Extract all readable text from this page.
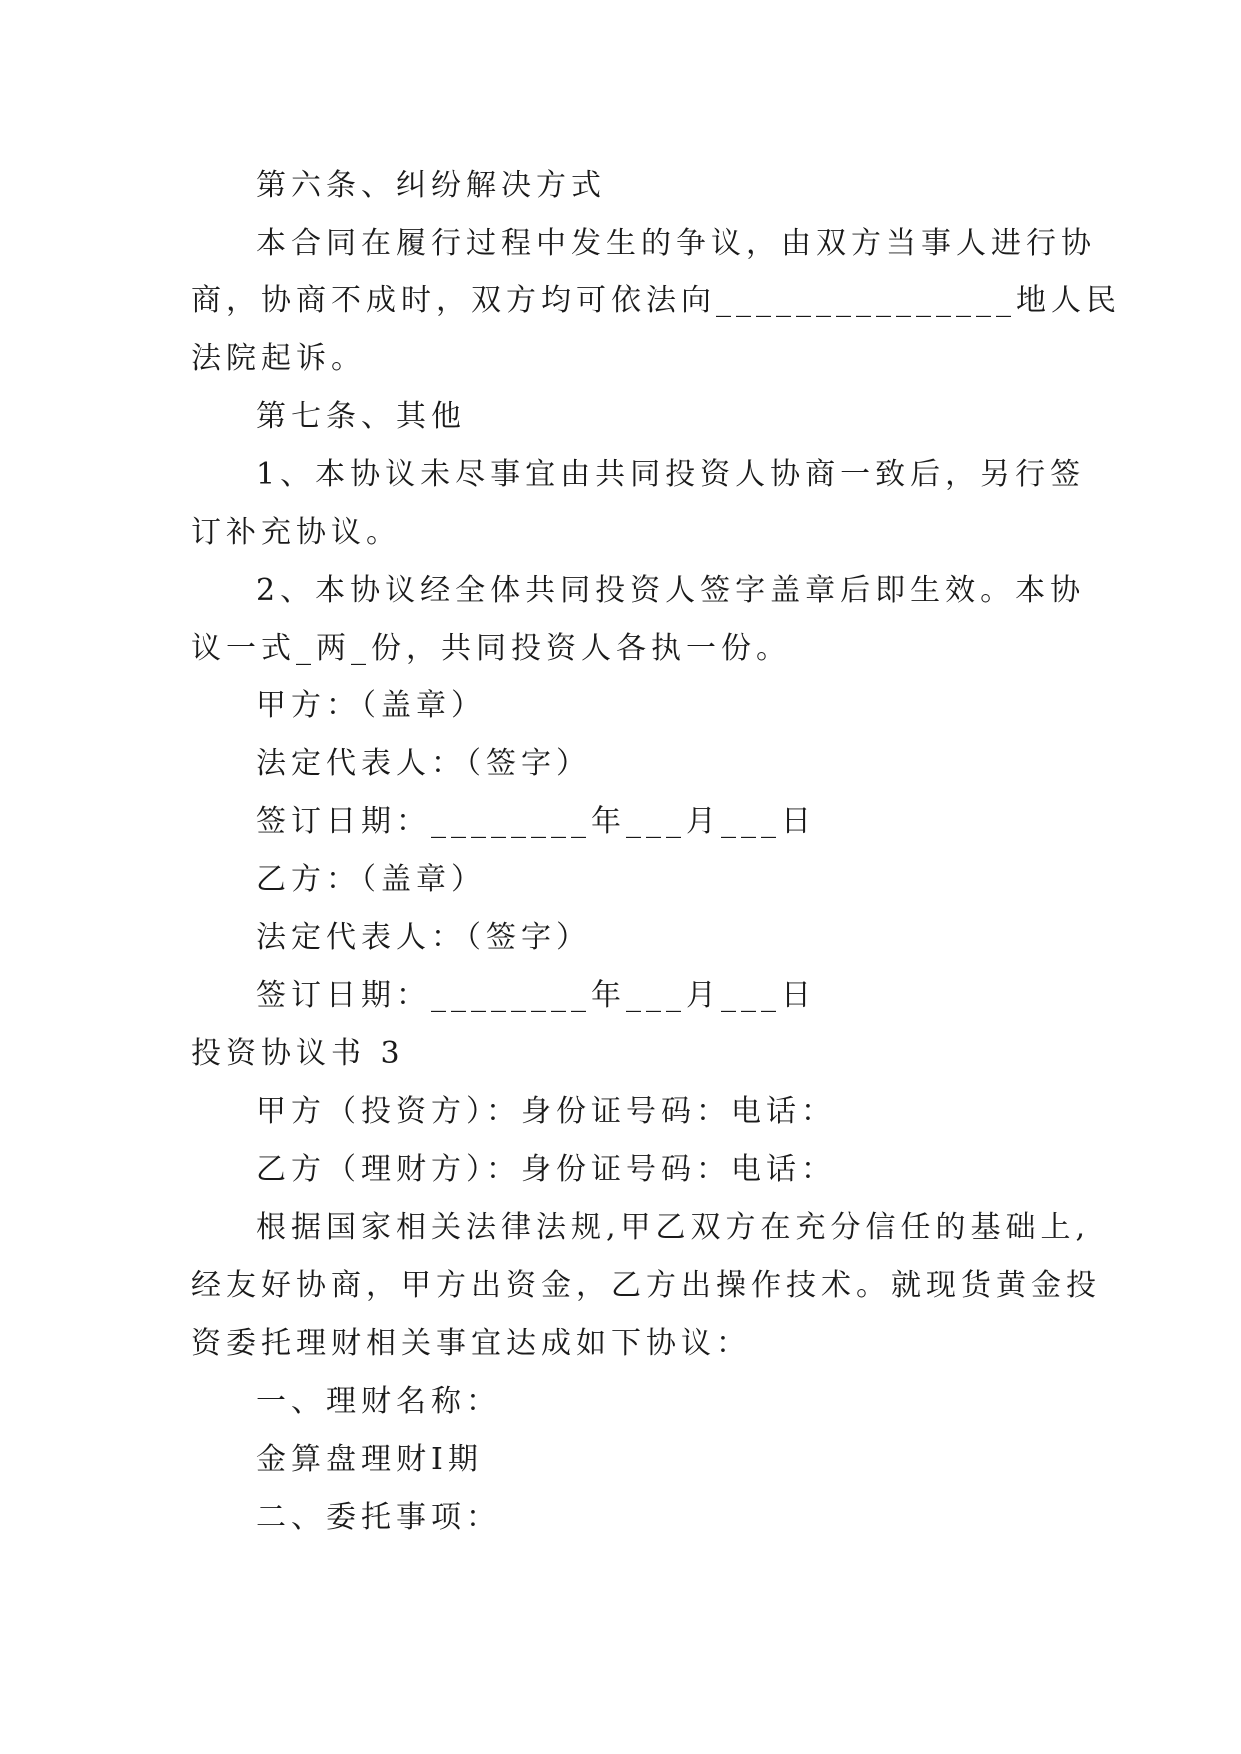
第六条、纠纷解决方式
本合同在履行过程中发生的争议，由双方当事人进行协
商，协商不成时，双方均可依法向_______________地人民
法院起诉。
第七条、其他
1、本协议未尽事宜由共同投资人协商一致后，另行签
订补充协议。
2、本协议经全体共同投资人签字盖章后即生效。本协
议一式_两_份，共同投资人各执一份。
甲方：（盖章）
法定代表人：（签字）
签订日期：________年___月___日
乙方：（盖章）
法定代表人：（签字）
签订日期：________年___月___日
投资协议书 3
甲方（投资方）：身份证号码：电话：
乙方（理财方）：身份证号码：电话：
根据国家相关法律法规,甲乙双方在充分信任的基础上,
经友好协商，甲方出资金，乙方出操作技术。就现货黄金投
资委托理财相关事宜达成如下协议：
一、理财名称：
金算盘理财Ⅰ期
二、委托事项：
